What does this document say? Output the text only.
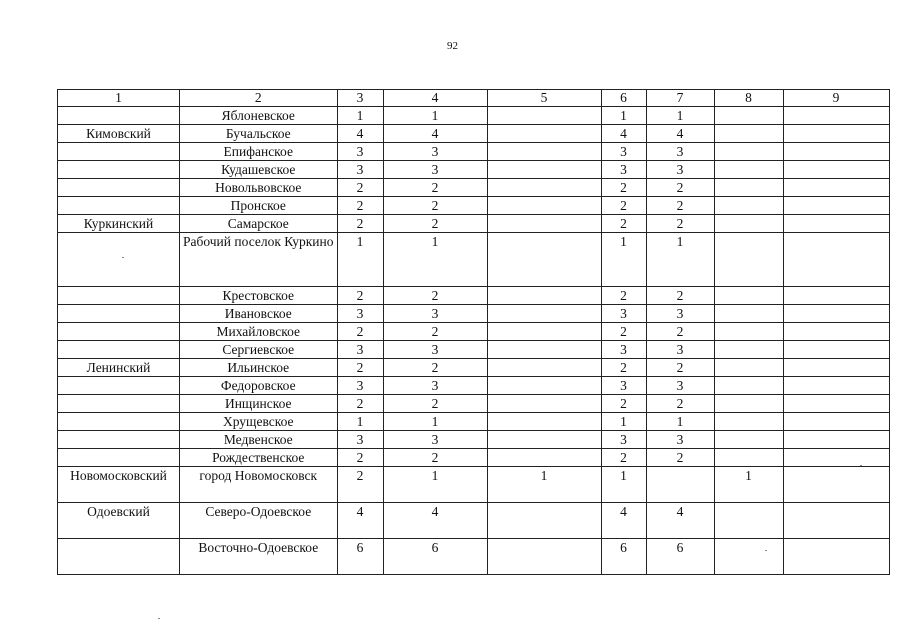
92
1	2	3	4	5	6	7	8	9
	Яблоневское	1	1		1	1		
Кимовский	Бучальское	4	4		4	4		
	Епифанское	3	3		3	3		
	Кудашевское	3	3		3	3		
	Новольвовское	2	2		2	2		
	Пронское	2	2		2	2		
Куркинский	Самарское	2	2		2	2		
	Рабочий поселок Куркино	1	1		1	1		
	Крестовское	2	2		2	2		
	Ивановское	3	3		3	3		
	Михайловское	2	2		2	2		
	Сергиевское	3	3		3	3		
Ленинский	Ильинское	2	2		2	2		
	Федоровское	3	3		3	3		
	Инщинское	2	2		2	2		
	Хрущевское	1	1		1	1		
	Медвенское	3	3		3	3		
	Рождественское	2	2		2	2		
Новомосковский	город Новомосковск	2	1	1	1		1	
Одоевский	Северо-Одоевское	4	4		4	4		
	Восточно-Одоевское	6	6		6	6		
